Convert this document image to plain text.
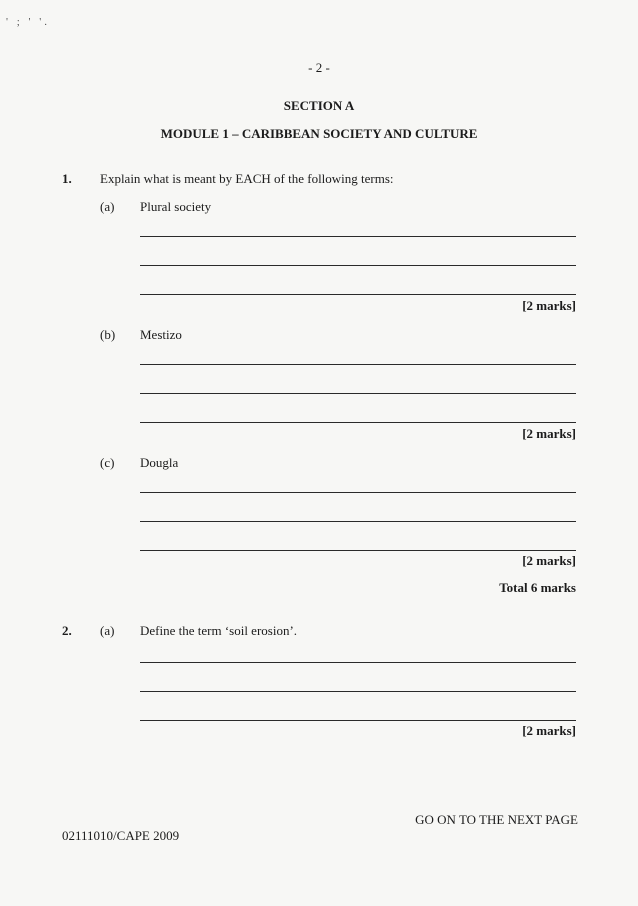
' ; ' '.
- 2 -
SECTION A
MODULE 1 – CARIBBEAN SOCIETY AND CULTURE
1. Explain what is meant by EACH of the following terms:
(a) Plural society
[2 marks]
(b) Mestizo
[2 marks]
(c) Dougla
[2 marks]
Total 6 marks
2. (a) Define the term ‘soil erosion’.
[2 marks]
GO ON TO THE NEXT PAGE
02111010/CAPE 2009
